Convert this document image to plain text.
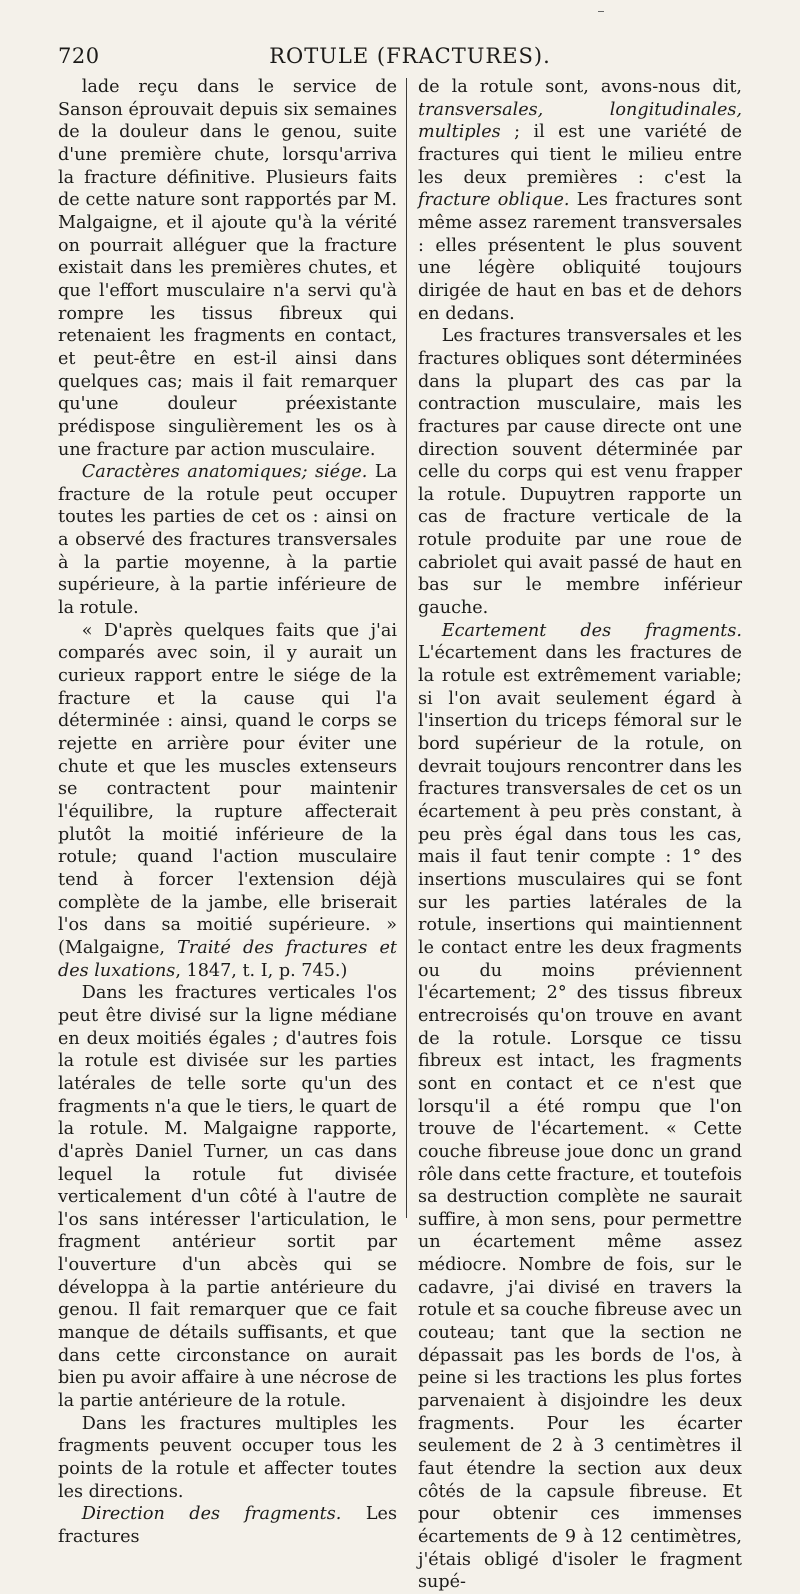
720	ROTULE (FRACTURES).

lade reçu dans le service de Sanson éprouvait depuis six semaines de la douleur dans le genou, suite d'une première chute, lorsqu'arriva la fracture définitive. Plusieurs faits de cette nature sont rapportés par M. Malgaigne, et il ajoute qu'à la vérité on pourrait alléguer que la fracture existait dans les premières chutes, et que l'effort musculaire n'a servi qu'à rompre les tissus fibreux qui retenaient les fragments en contact, et peut-être en est-il ainsi dans quelques cas; mais il fait remarquer qu'une douleur préexistante prédispose singulièrement les os à une fracture par action musculaire.

Caractères anatomiques; siége. La fracture de la rotule peut occuper toutes les parties de cet os : ainsi on a observé des fractures transversales à la partie moyenne, à la partie supérieure, à la partie inférieure de la rotule.

« D'après quelques faits que j'ai comparés avec soin, il y aurait un curieux rapport entre le siége de la fracture et la cause qui l'a déterminée : ainsi, quand le corps se rejette en arrière pour éviter une chute et que les muscles extenseurs se contractent pour maintenir l'équilibre, la rupture affecterait plutôt la moitié inférieure de la rotule; quand l'action musculaire tend à forcer l'extension déjà complète de la jambe, elle briserait l'os dans sa moitié supérieure. » (Malgaigne, Traité des fractures et des luxations, 1847, t. I, p. 745.)

Dans les fractures verticales l'os peut être divisé sur la ligne médiane en deux moitiés égales ; d'autres fois la rotule est divisée sur les parties latérales de telle sorte qu'un des fragments n'a que le tiers, le quart de la rotule. M. Malgaigne rapporte, d'après Daniel Turner, un cas dans lequel la rotule fut divisée verticalement d'un côté à l'autre de l'os sans intéresser l'articulation, le fragment antérieur sortit par l'ouverture d'un abcès qui se développa à la partie antérieure du genou. Il fait remarquer que ce fait manque de détails suffisants, et que dans cette circonstance on aurait bien pu avoir affaire à une nécrose de la partie antérieure de la rotule.

Dans les fractures multiples les fragments peuvent occuper tous les points de la rotule et affecter toutes les directions.

Direction des fragments. Les fractures

de la rotule sont, avons-nous dit, transversales, longitudinales, multiples ; il est une variété de fractures qui tient le milieu entre les deux premières : c'est la fracture oblique. Les fractures sont même assez rarement transversales : elles présentent le plus souvent une légère obliquité toujours dirigée de haut en bas et de dehors en dedans.

Les fractures transversales et les fractures obliques sont déterminées dans la plupart des cas par la contraction musculaire, mais les fractures par cause directe ont une direction souvent déterminée par celle du corps qui est venu frapper la rotule. Dupuytren rapporte un cas de fracture verticale de la rotule produite par une roue de cabriolet qui avait passé de haut en bas sur le membre inférieur gauche.

Ecartement des fragments. L'écartement dans les fractures de la rotule est extrêmement variable; si l'on avait seulement égard à l'insertion du triceps fémoral sur le bord supérieur de la rotule, on devrait toujours rencontrer dans les fractures transversales de cet os un écartement à peu près constant, à peu près égal dans tous les cas, mais il faut tenir compte : 1° des insertions musculaires qui se font sur les parties latérales de la rotule, insertions qui maintiennent le contact entre les deux fragments ou du moins préviennent l'écartement; 2° des tissus fibreux entrecroisés qu'on trouve en avant de la rotule. Lorsque ce tissu fibreux est intact, les fragments sont en contact et ce n'est que lorsqu'il a été rompu que l'on trouve de l'écartement. « Cette couche fibreuse joue donc un grand rôle dans cette fracture, et toutefois sa destruction complète ne saurait suffire, à mon sens, pour permettre un écartement même assez médiocre. Nombre de fois, sur le cadavre, j'ai divisé en travers la rotule et sa couche fibreuse avec un couteau; tant que la section ne dépassait pas les bords de l'os, à peine si les tractions les plus fortes parvenaient à disjoindre les deux fragments. Pour les écarter seulement de 2 à 3 centimètres il faut étendre la section aux deux côtés de la capsule fibreuse. Et pour obtenir ces immenses écartements de 9 à 12 centimètres, j'étais obligé d'isoler le fragment supé-
